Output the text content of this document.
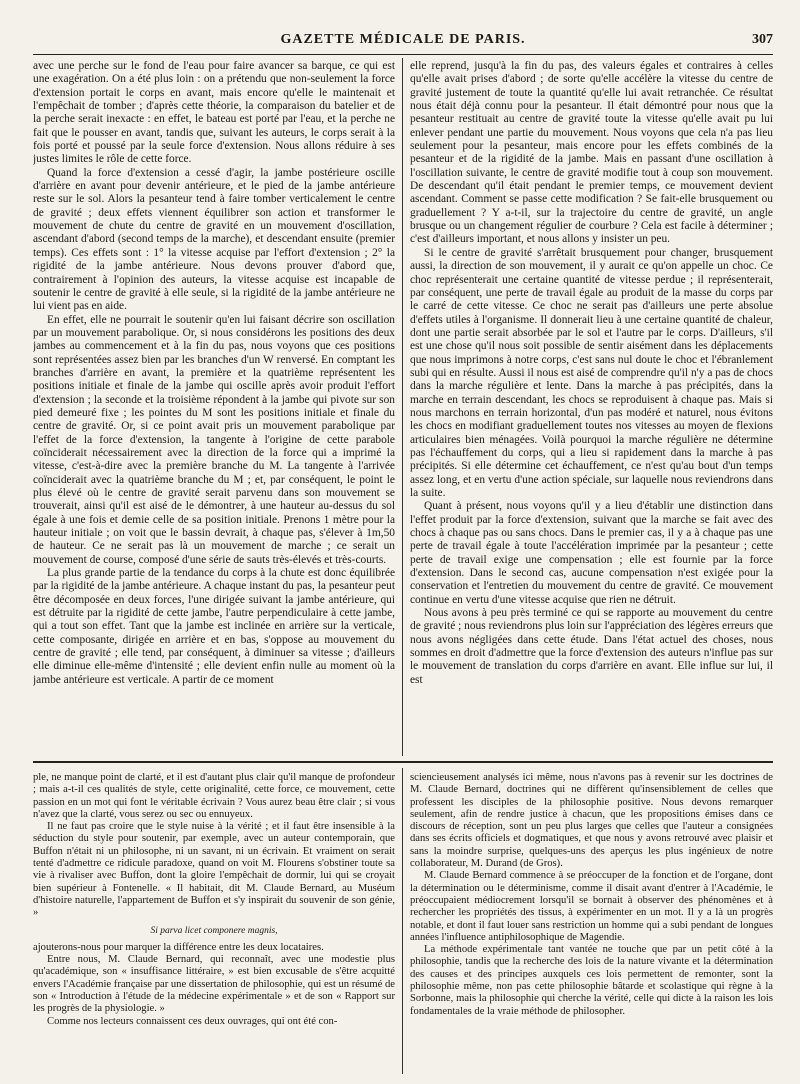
GAZETTE MÉDICALE DE PARIS.	307

avec une perche sur le fond de l'eau pour faire avancer sa barque, ce qui est une exagération. On a été plus loin : on a prétendu que non-seulement la force d'extension portait le corps en avant, mais encore qu'elle le maintenait et l'empêchait de tomber ; d'après cette théorie, la comparaison du batelier et de la perche serait inexacte : en effet, le bateau est porté par l'eau, et la perche ne fait que le pousser en avant, tandis que, suivant les auteurs, le corps serait à la fois porté et poussé par la seule force d'extension. Nous allons réduire à ses justes limites le rôle de cette force.

Quand la force d'extension a cessé d'agir, la jambe postérieure oscille d'arrière en avant pour devenir antérieure, et le pied de la jambe antérieure reste sur le sol. Alors la pesanteur tend à faire tomber verticalement le centre de gravité ; deux effets viennent équilibrer son action et transformer le mouvement de chute du centre de gravité en un mouvement d'oscillation, ascendant d'abord (second temps de la marche), et descendant ensuite (premier temps). Ces effets sont : 1° la vitesse acquise par l'effort d'extension ; 2° la rigidité de la jambe antérieure. Nous devons prouver d'abord que, contrairement à l'opinion des auteurs, la vitesse acquise est incapable de soutenir le centre de gravité à elle seule, si la rigidité de la jambe antérieure ne lui vient pas en aide.

En effet, elle ne pourrait le soutenir qu'en lui faisant décrire son oscillation par un mouvement parabolique. Or, si nous considérons les positions des deux jambes au commencement et à la fin du pas, nous voyons que ces positions sont représentées assez bien par les branches d'un W renversé. En comptant les branches d'arrière en avant, la première et la quatrième représentent les positions initiale et finale de la jambe qui oscille après avoir produit l'effort d'extension ; la seconde et la troisième répondent à la jambe qui pivote sur son pied demeuré fixe ; les pointes du M sont les positions initiale et finale du centre de gravité. Or, si ce point avait pris un mouvement parabolique par l'effet de la force d'extension, la tangente à l'origine de cette parabole coïnciderait nécessairement avec la direction de la force qui a imprimé la vitesse, c'est-à-dire avec la première branche du M. La tangente à l'arrivée coïnciderait avec la quatrième branche du M ; et, par conséquent, le point le plus élevé où le centre de gravité serait parvenu dans son mouvement se trouverait, ainsi qu'il est aisé de le démontrer, à une hauteur au-dessus du sol égale à une fois et demie celle de sa position initiale. Prenons 1 mètre pour la hauteur initiale ; on voit que le bassin devrait, à chaque pas, s'élever à 1m,50 de hauteur. Ce ne serait pas là un mouvement de marche ; ce serait un mouvement de course, composé d'une série de sauts très-élevés et très-courts.

La plus grande partie de la tendance du corps à la chute est donc équilibrée par la rigidité de la jambe antérieure. A chaque instant du pas, la pesanteur peut être décomposée en deux forces, l'une dirigée suivant la jambe antérieure, qui est détruite par la rigidité de cette jambe, l'autre perpendiculaire à cette jambe, qui a tout son effet. Tant que la jambe est inclinée en arrière sur la verticale, cette composante, dirigée en arrière et en bas, s'oppose au mouvement du centre de gravité ; elle tend, par conséquent, à diminuer sa vitesse ; d'ailleurs elle diminue elle-même d'intensité ; elle devient enfin nulle au moment où la jambe antérieure est verticale. A partir de ce moment

elle reprend, jusqu'à la fin du pas, des valeurs égales et contraires à celles qu'elle avait prises d'abord ; de sorte qu'elle accélère la vitesse du centre de gravité justement de toute la quantité qu'elle lui avait retranchée. Ce résultat nous était déjà connu pour la pesanteur. Il était démontré pour nous que la pesanteur restituait au centre de gravité toute la vitesse qu'elle avait pu lui enlever pendant une partie du mouvement. Nous voyons que cela n'a pas lieu seulement pour la pesanteur, mais encore pour les effets combinés de la pesanteur et de la rigidité de la jambe. Mais en passant d'une oscillation à l'oscillation suivante, le centre de gravité modifie tout à coup son mouvement. De descendant qu'il était pendant le premier temps, ce mouvement devient ascendant. Comment se passe cette modification ? Se fait-elle brusquement ou graduellement ? Y a-t-il, sur la trajectoire du centre de gravité, un angle brusque ou un changement régulier de courbure ? Cela est facile à déterminer ; c'est d'ailleurs important, et nous allons y insister un peu.

Si le centre de gravité s'arrêtait brusquement pour changer, brusquement aussi, la direction de son mouvement, il y aurait ce qu'on appelle un choc. Ce choc représenterait une certaine quantité de vitesse perdue ; il représenterait, par conséquent, une perte de travail égale au produit de la masse du corps par le carré de cette vitesse. Ce choc ne serait pas d'ailleurs une perte absolue d'effets utiles à l'organisme. Il donnerait lieu à une certaine quantité de chaleur, dont une partie serait absorbée par le sol et l'autre par le corps. D'ailleurs, s'il est une chose qu'il nous soit possible de sentir aisément dans les déplacements que nous imprimons à notre corps, c'est sans nul doute le choc et l'ébranlement subi qui en résulte. Aussi il nous est aisé de comprendre qu'il n'y a pas de chocs dans la marche régulière et lente. Dans la marche à pas précipités, dans la marche en terrain descendant, les chocs se reproduisent à chaque pas. Mais si nous marchons en terrain horizontal, d'un pas modéré et naturel, nous évitons les chocs en modifiant graduellement toutes nos vitesses au moyen de flexions articulaires bien ménagées. Voilà pourquoi la marche régulière ne détermine pas l'échauffement du corps, qui a lieu si rapidement dans la marche à pas précipités. Si elle détermine cet échauffement, ce n'est qu'au bout d'un temps assez long, et en vertu d'une action spéciale, sur laquelle nous reviendrons dans la suite.

Quant à présent, nous voyons qu'il y a lieu d'établir une distinction dans l'effet produit par la force d'extension, suivant que la marche se fait avec des chocs à chaque pas ou sans chocs. Dans le premier cas, il y a à chaque pas une perte de travail égale à toute l'accélération imprimée par la pesanteur ; cette perte de travail exige une compensation ; elle est fournie par la force d'extension. Dans le second cas, aucune compensation n'est exigée pour la conservation et l'entretien du mouvement du centre de gravité. Ce mouvement continue en vertu d'une vitesse acquise que rien ne détruit.

Nous avons à peu près terminé ce qui se rapporte au mouvement du centre de gravité ; nous reviendrons plus loin sur l'appréciation des légères erreurs que nous avons négligées dans cette étude. Dans l'état actuel des choses, nous sommes en droit d'admettre que la force d'extension des auteurs n'influe pas sur le mouvement de translation du corps d'arrière en avant. Elle influe sur lui, il est

ple, ne manque point de clarté, et il est d'autant plus clair qu'il manque de profondeur ; mais a-t-il ces qualités de style, cette originalité, cette force, ce mouvement, cette passion en un mot qui font le véritable écrivain ? Vous aurez beau être clair ; si vous n'avez que la clarté, vous serez ou sec ou ennuyeux.

Il ne faut pas croire que le style nuise à la vérité ; et il faut être insensible à la séduction du style pour soutenir, par exemple, avec un auteur contemporain, que Buffon n'était ni un philosophe, ni un savant, ni un écrivain. Et vraiment on serait tenté d'admettre ce ridicule paradoxe, quand on voit M. Flourens s'obstiner toute sa vie à rivaliser avec Buffon, dont la gloire l'empêchait de dormir, lui qui se croyait bien supérieur à Fontenelle. « Il habitait, dit M. Claude Bernard, au Muséum d'histoire naturelle, l'appartement de Buffon et s'y inspirait du souvenir de son génie, »

Si parva licet componere magnis,

ajouterons-nous pour marquer la différence entre les deux locataires.

Entre nous, M. Claude Bernard, qui reconnaît, avec une modestie plus qu'académique, son « insuffisance littéraire, » est bien excusable de s'être acquitté envers l'Académie française par une dissertation de philosophie, qui est un résumé de son « Introduction à l'étude de la médecine expérimentale » et de son « Rapport sur les progrès de la physiologie. »

Comme nos lecteurs connaissent ces deux ouvrages, qui ont été con-

sciencieusement analysés ici même, nous n'avons pas à revenir sur les doctrines de M. Claude Bernard, doctrines qui ne diffèrent qu'insensiblement de celles que professent les disciples de la philosophie positive. Nous devons remarquer seulement, afin de rendre justice à chacun, que les propositions émises dans ce discours de réception, sont un peu plus larges que celles que l'auteur a consignées dans ses écrits officiels et dogmatiques, et que nous y avons retrouvé avec plaisir et sans la moindre surprise, quelques-uns des aperçus les plus ingénieux de notre collaborateur, M. Durand (de Gros).

M. Claude Bernard commence à se préoccuper de la fonction et de l'organe, dont la détermination ou le déterminisme, comme il disait avant d'entrer à l'Académie, le préoccupaient médiocrement lorsqu'il se bornait à observer des phénomènes et à rechercher les propriétés des tissus, à expérimenter en un mot. Il y a là un progrès notable, et dont il faut louer sans restriction un homme qui a subi pendant de longues années l'influence antiphilosophique de Magendie.

La méthode expérimentale tant vantée ne touche que par un petit côté à la philosophie, tandis que la recherche des lois de la nature vivante et la détermination des causes et des principes auxquels ces lois permettent de remonter, sont la philosophie même, non pas cette philosophie bâtarde et scolastique qui règne à la Sorbonne, mais la philosophie qui cherche la vérité, celle qui dicte à la raison les lois fondamentales de la vraie méthode de philosopher.
